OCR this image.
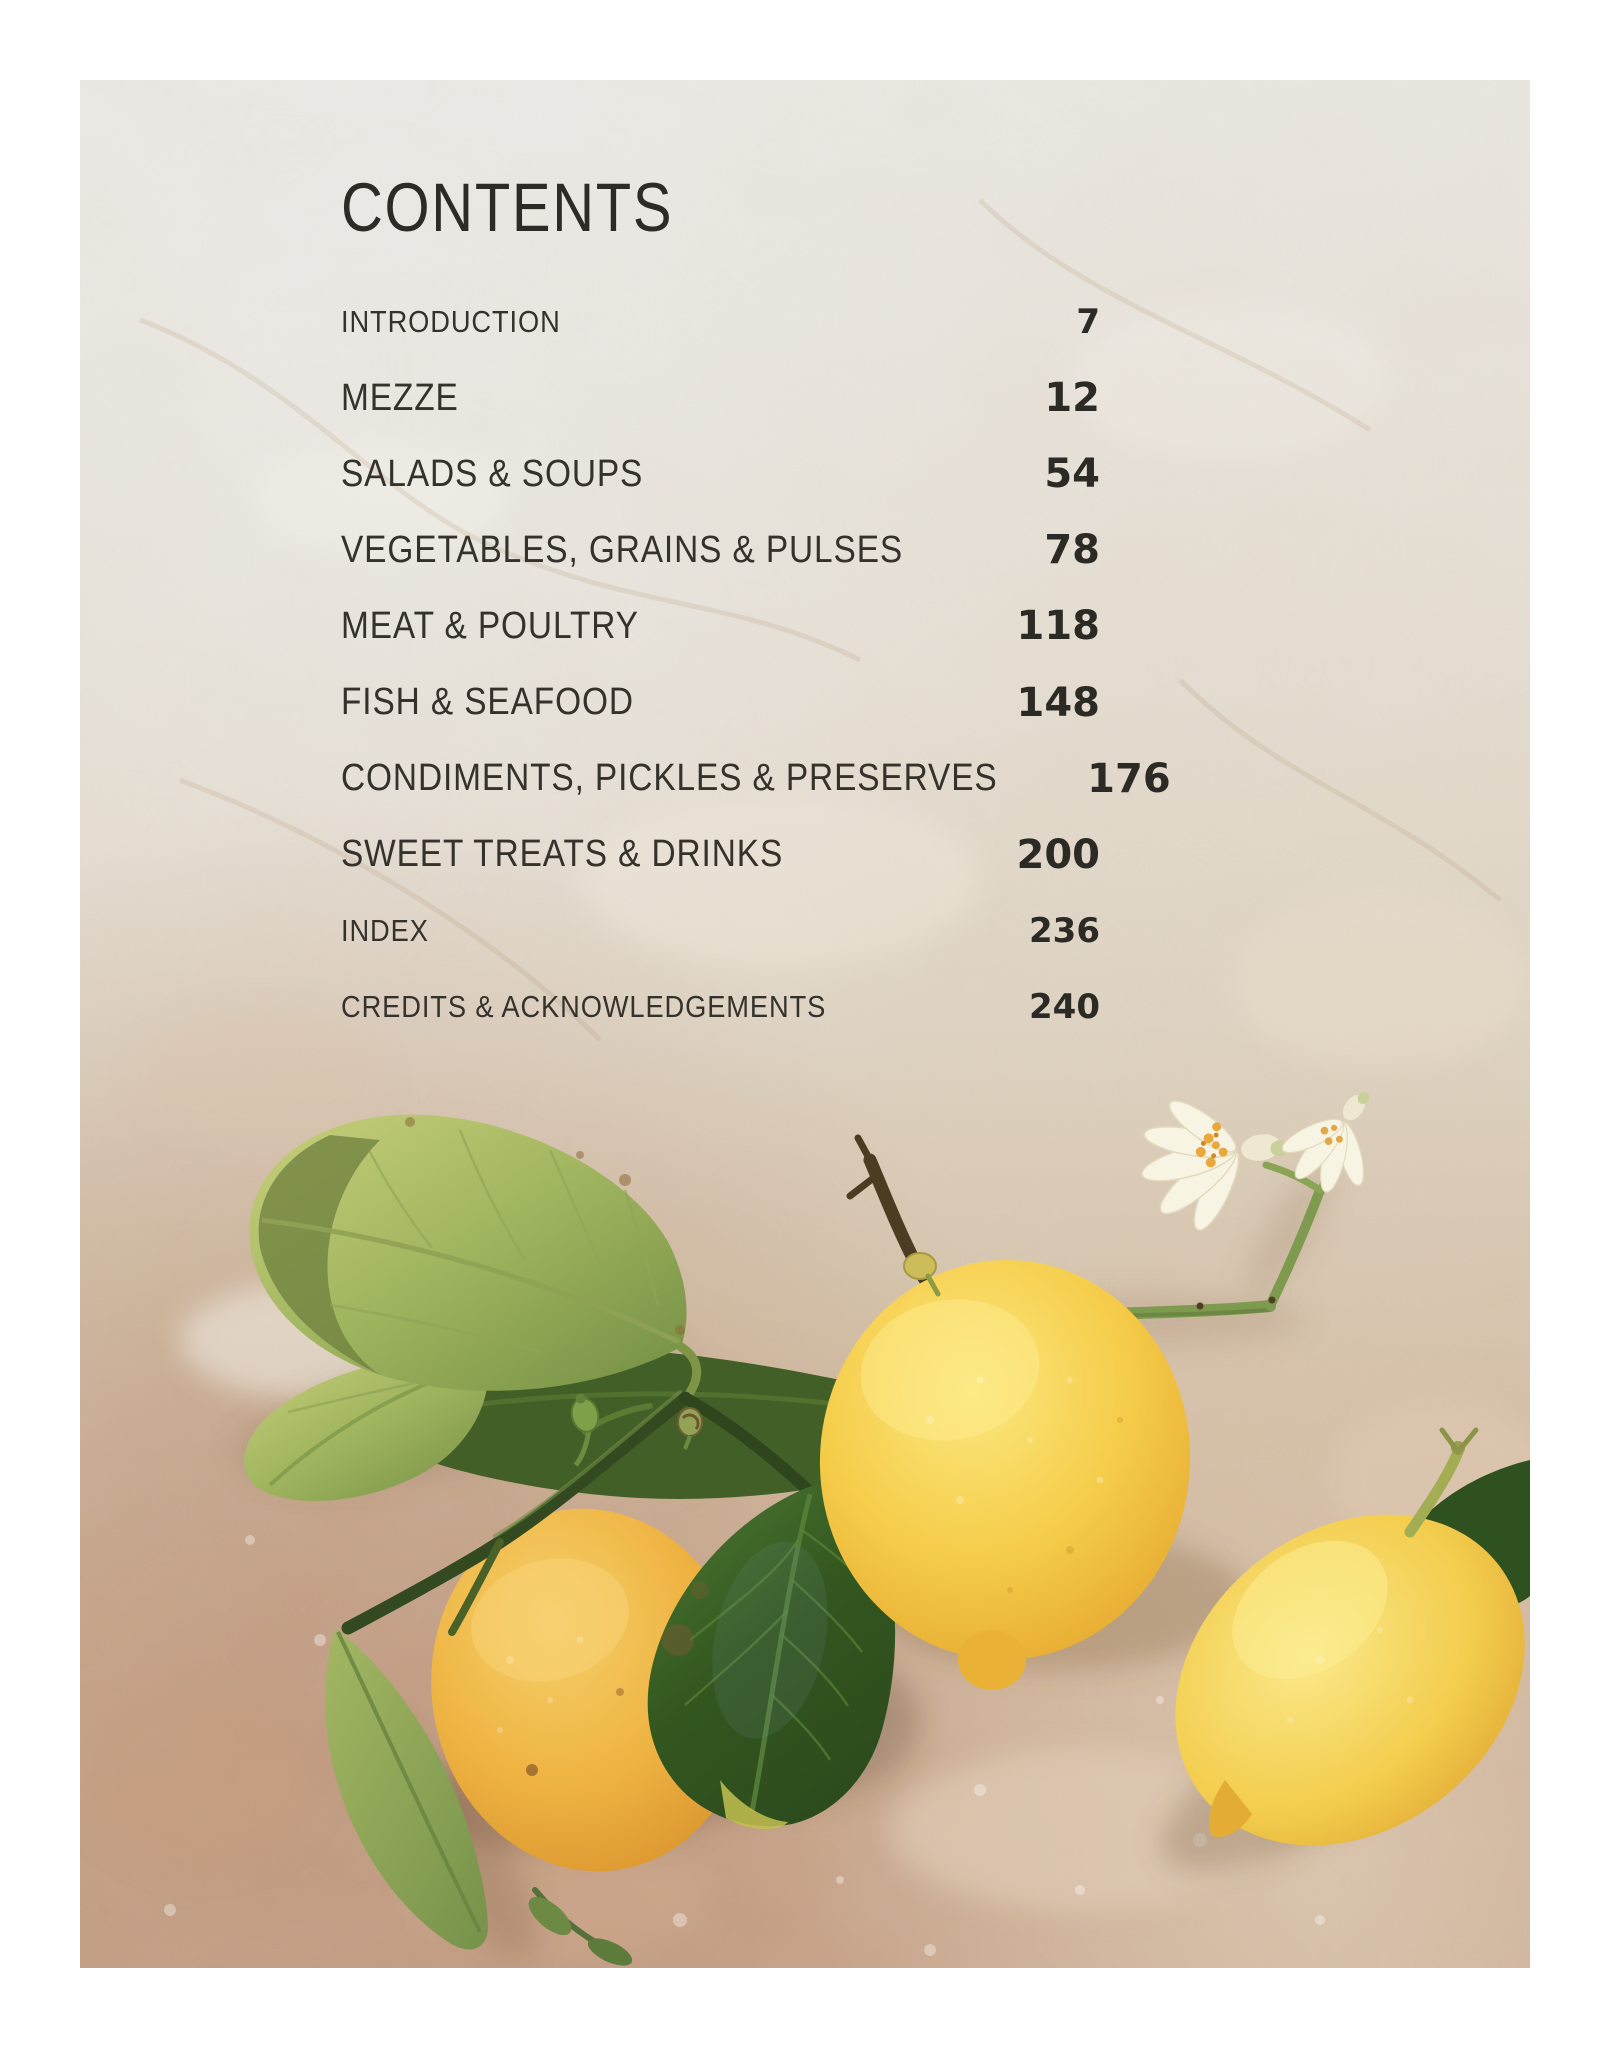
CONTENTS
INTRODUCTION	7
MEZZE	12
SALADS & SOUPS	54
VEGETABLES, GRAINS & PULSES	78
MEAT & POULTRY	118
FISH & SEAFOOD	148
CONDIMENTS, PICKLES & PRESERVES 176
SWEET TREATS & DRINKS	200
INDEX	236
CREDITS & ACKNOWLEDGEMENTS	240
